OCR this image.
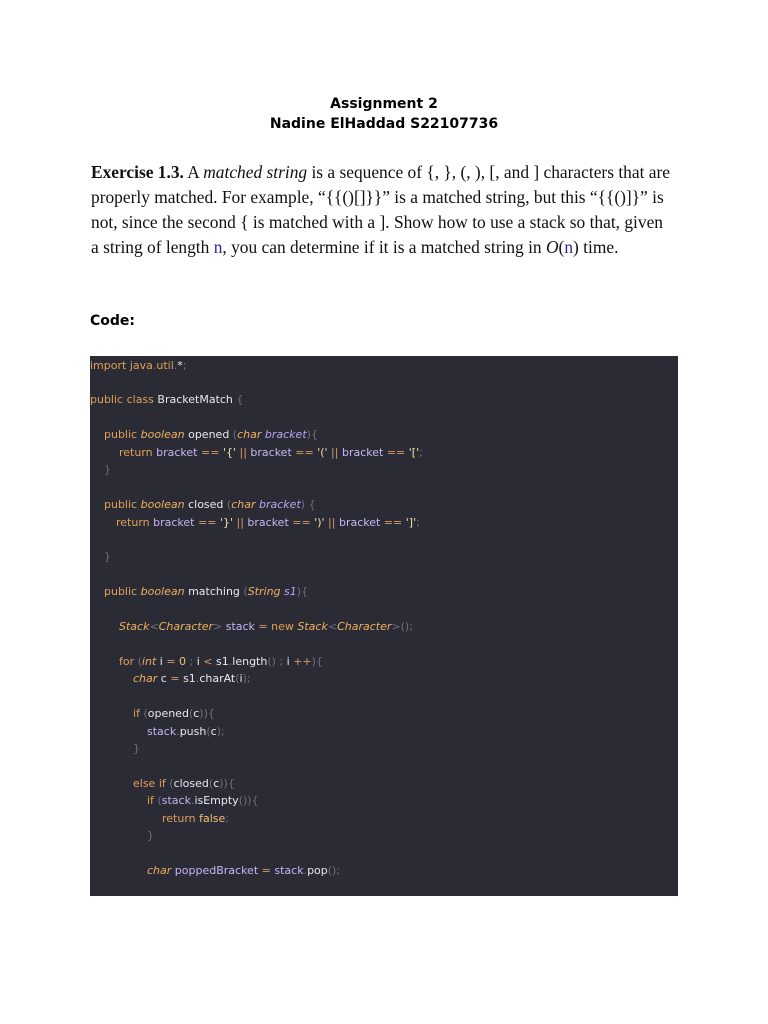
Assignment 2
Nadine ElHaddad S22107736
Exercise 1.3. A matched string is a sequence of {, }, (, ), [, and ] characters that are properly matched. For example, “{{()[]}}” is a matched string, but this “{{()]}” is not, since the second { is matched with a ]. Show how to use a stack so that, given a string of length n, you can determine if it is a matched string in O(n) time.
Code:
import java.util.*;
public class BracketMatch {
public boolean opened (char bracket){
return bracket == '{' || bracket == '(' || bracket == '[';
}
public boolean closed (char bracket) {
return bracket == '}' || bracket == ')' || bracket == ']';
}
public boolean matching (String s1){
Stack<Character> stack = new Stack<Character>();
for (int i = 0 ; i < s1.length() ; i ++){
char c = s1.charAt(i);
if (opened(c)){
stack.push(c);
}
else if (closed(c)){
if (stack.isEmpty()){
return false;
}
char poppedBracket = stack.pop();
